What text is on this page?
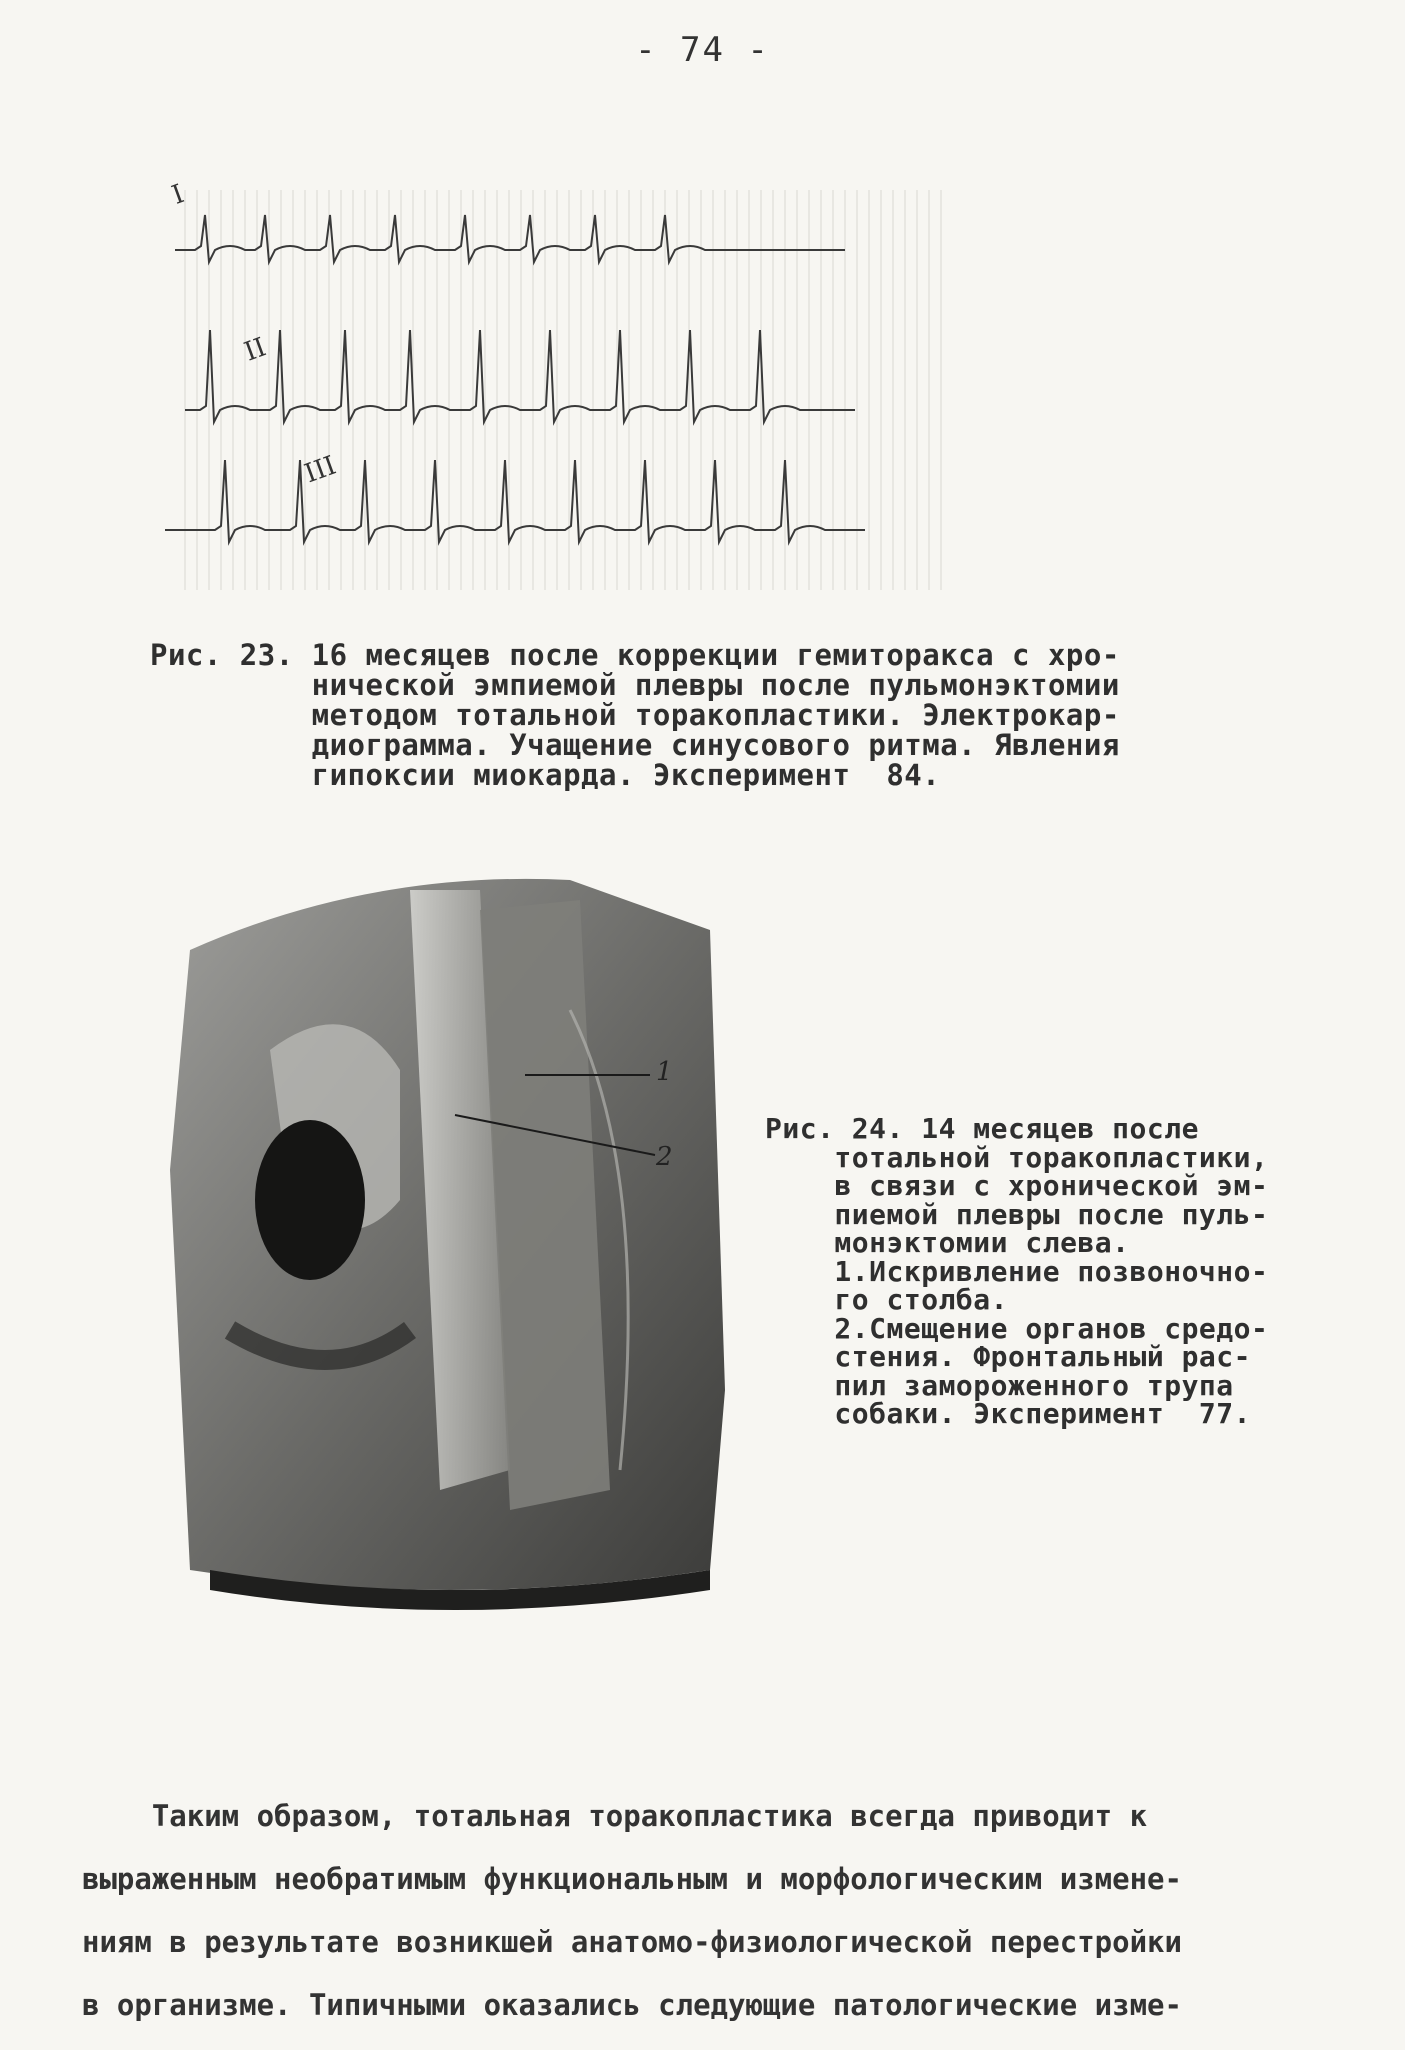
- 74 -
I
II
III
Рис. 23. 16 месяцев после коррекции гемиторакса с хро-
нической эмпиемой плевры после пульмонэктомии
методом тотальной торакопластики. Электрокар-
диограмма. Учащение синусового ритма. Явления
гипоксии миокарда. Эксперимент  84.
1
2
Рис. 24. 14 месяцев после
тотальной торакопластики,
в связи с хронической эм-
пиемой плевры после пуль-
монэктомии слева.
1.Искривление позвоночно-
го столба.
2.Смещение органов средо-
стения. Фронтальный рас-
пил замороженного трупа
собаки. Эксперимент  77.
Таким образом, тотальная торакопластика всегда приводит к
выраженным необратимым функциональным и морфологическим измене-
ниям в результате возникшей анатомо-физиологической перестройки
в организме. Типичными оказались следующие патологические изме-
